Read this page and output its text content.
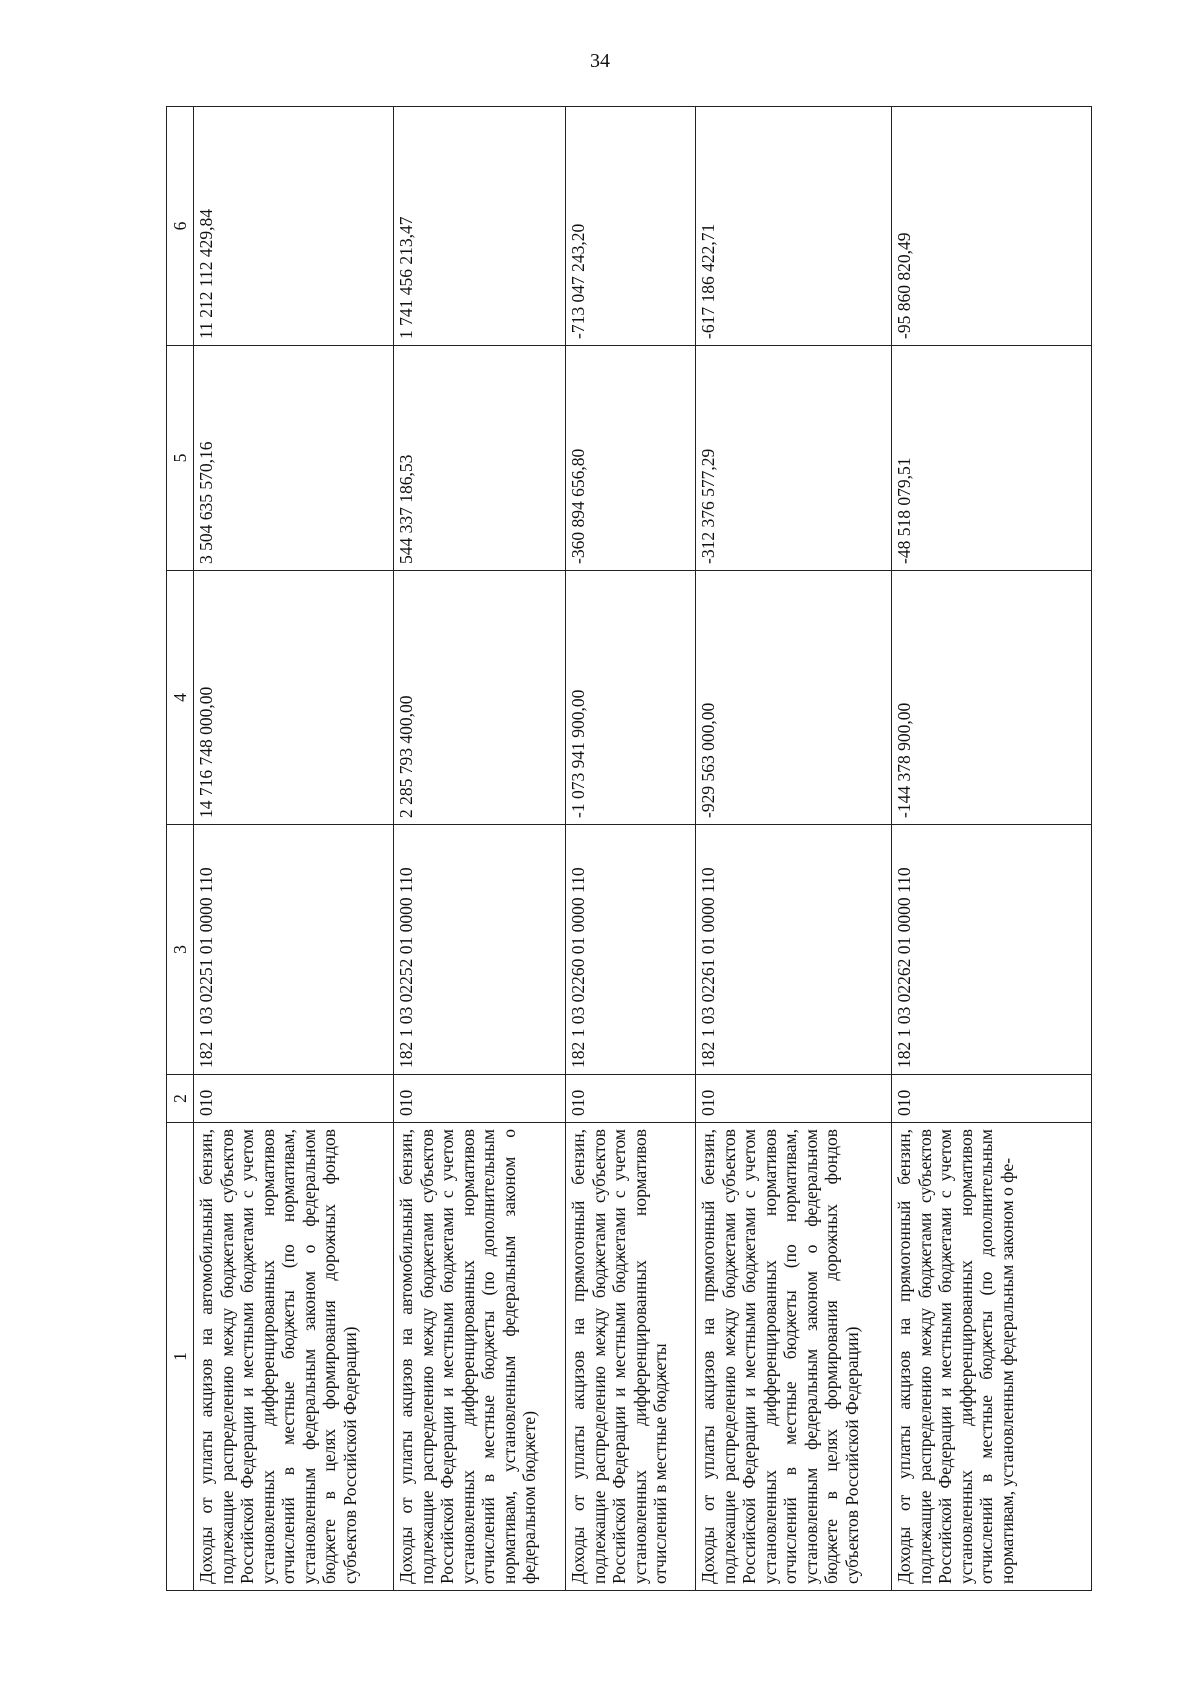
34
1	2	3	4	5	6
Доходы от уплаты акцизов на автомобильный бензин, подлежащие распределению между бюджетами субъектов Российской Федерации и местными бюджетами с учетом установленных дифференцированных нормативов отчислений в местные бюджеты (по нормативам, установленным федеральным законом о федеральном бюджете в целях формирования дорожных фондов субъектов Российской Федерации)	010	182 1 03 02251 01 0000 110	14 716 748 000,00	3 504 635 570,16	11 212 112 429,84
Доходы от уплаты акцизов на автомобильный бензин, подлежащие распределению между бюджетами субъектов Российской Федерации и местными бюджетами с учетом установленных дифференцированных нормативов отчислений в местные бюджеты (по дополнительным нормативам, установленным федеральным законом о федеральном бюджете)	010	182 1 03 02252 01 0000 110	2 285 793 400,00	544 337 186,53	1 741 456 213,47
Доходы от уплаты акцизов на прямогонный бензин, подлежащие распределению между бюджетами субъектов Российской Федерации и местными бюджетами с учетом установленных дифференцированных нормативов отчислений в местные бюджеты	010	182 1 03 02260 01 0000 110	-1 073 941 900,00	-360 894 656,80	-713 047 243,20
Доходы от уплаты акцизов на прямогонный бензин, подлежащие распределению между бюджетами субъектов Российской Федерации и местными бюджетами с учетом установленных дифференцированных нормативов отчислений в местные бюджеты (по нормативам, установленным федеральным законом о федеральном бюджете в целях формирования дорожных фондов субъектов Российской Федерации)	010	182 1 03 02261 01 0000 110	-929 563 000,00	-312 376 577,29	-617 186 422,71
Доходы от уплаты акцизов на прямогонный бензин, подлежащие распределению между бюджетами субъектов Российской Федерации и местными бюджетами с учетом установленных дифференцированных нормативов отчислений в местные бюджеты (по дополнительным нормативам, установленным федеральным законом о фе-	010	182 1 03 02262 01 0000 110	-144 378 900,00	-48 518 079,51	-95 860 820,49
